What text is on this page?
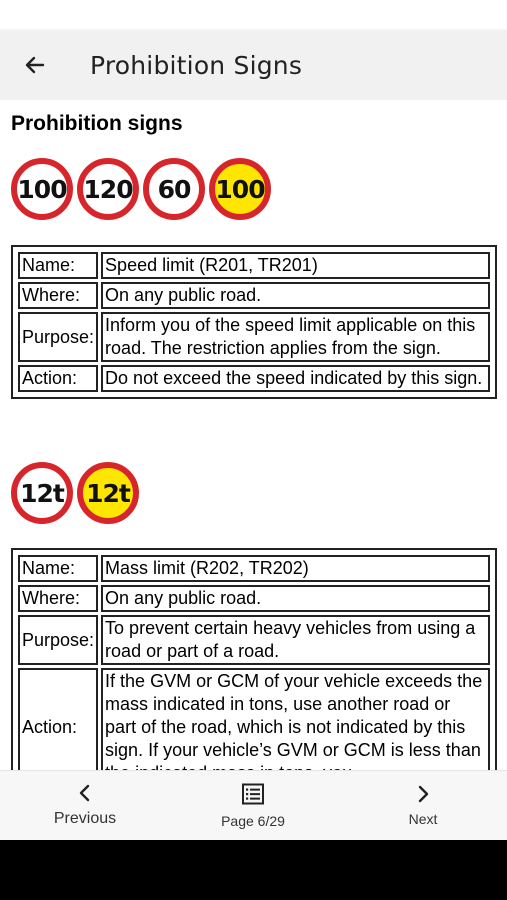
Prohibition Signs
Prohibition signs
100 120	60	100
Name:	Speed limit (R201, TR201)
Where:	On any public road.
Purpose:	Inform you of the speed limit applicable on this road. The restriction applies from the sign.
Action:	Do not exceed the speed indicated by this sign.
12t 12t
Name:	Mass limit (R202, TR202)
Where:	On any public road.
Purpose:	To prevent certain heavy vehicles from using a road or part of a road.
Action:	If the GVM or GCM of your vehicle exceeds the mass indicated in tons, use another road or part of the road, which is not indicated by this sign. If your vehicle’s GVM or GCM is less than
Previous	Page 6/29	Next
